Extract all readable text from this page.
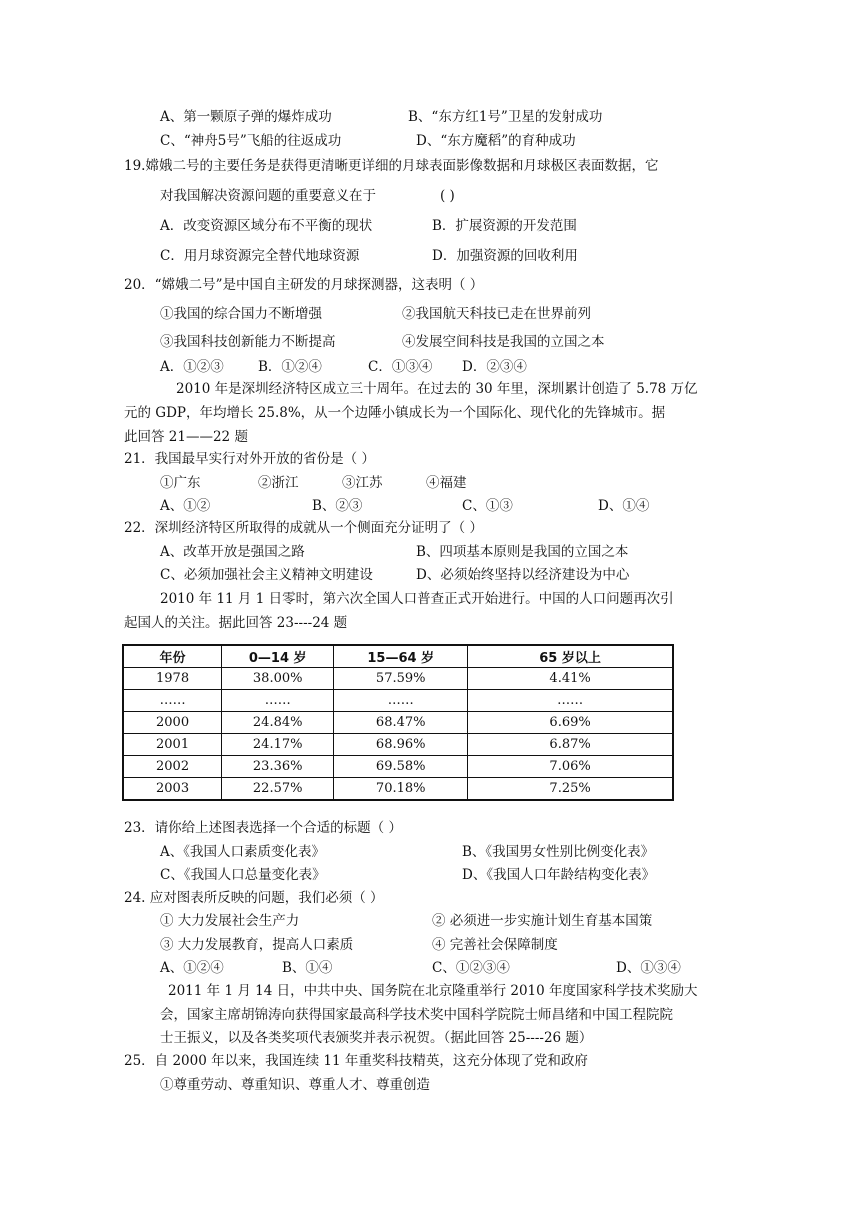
A、第一颗原子弹的爆炸成功	B、“东方红1号”卫星的发射成功
C、“神舟5号”飞船的往返成功	D、“东方魔稻”的育种成功
19.嫦娥二号的主要任务是获得更清晰更详细的月球表面影像数据和月球极区表面数据，它
对我国解决资源问题的重要意义在于	( )
A．改变资源区域分布不平衡的现状	B．扩展资源的开发范围
C．用月球资源完全替代地球资源	D．加强资源的回收利用
20．“嫦娥二号”是中国自主研发的月球探测器，这表明（ ）
①我国的综合国力不断增强	②我国航天科技已走在世界前列
③我国科技创新能力不断提高	④发展空间科技是我国的立国之本
A．①②③	B．①②④	C．①③④ D．②③④
2010 年是深圳经济特区成立三十周年。在过去的 30 年里，深圳累计创造了 5.78 万亿
元的 GDP，年均增长 25.8%，从一个边陲小镇成长为一个国际化、现代化的先锋城市。据
此回答 21——22 题
21．我国最早实行对外开放的省份是（ ）
①广东	②浙江	③江苏	④福建
A、①②	B、②③	C、①③	D、①④
22．深圳经济特区所取得的成就从一个侧面充分证明了（ ）
A、改革开放是强国之路	B、四项基本原则是我国的立国之本
C、必须加强社会主义精神文明建设	D、必须始终坚持以经济建设为中心
2010 年 11 月 1 日零时，第六次全国人口普查正式开始进行。中国的人口问题再次引
起国人的关注。据此回答 23----24 题
年份	0—14 岁	15—64 岁	65 岁以上
1978	38.00%	57.59%	4.41%
……	……	……	……
2000	24.84%	68.47%	6.69%
2001	24.17%	68.96%	6.87%
2002	23.36%	69.58%	7.06%
2003	22.57%	70.18%	7.25%
23．请你给上述图表选择一个合适的标题（ ）
A、《我国人口素质变化表》	B、《我国男女性别比例变化表》
C、《我国人口总量变化表》	D、《我国人口年龄结构变化表》
24. 应对图表所反映的问题，我们必须（ ）
① 大力发展社会生产力	② 必须进一步实施计划生育基本国策
③ 大力发展教育，提高人口素质	④ 完善社会保障制度
A、①②④	B、①④	C、①②③④	D、①③④
2011 年 1 月 14 日，中共中央、国务院在北京隆重举行 2010 年度国家科学技术奖励大
会，国家主席胡锦涛向获得国家最高科学技术奖中国科学院院士师昌绪和中国工程院院
士王振义，以及各类奖项代表颁奖并表示祝贺。（据此回答 25----26 题）
25．自 2000 年以来，我国连续 11 年重奖科技精英，这充分体现了党和政府
①尊重劳动、尊重知识、尊重人才、尊重创造
